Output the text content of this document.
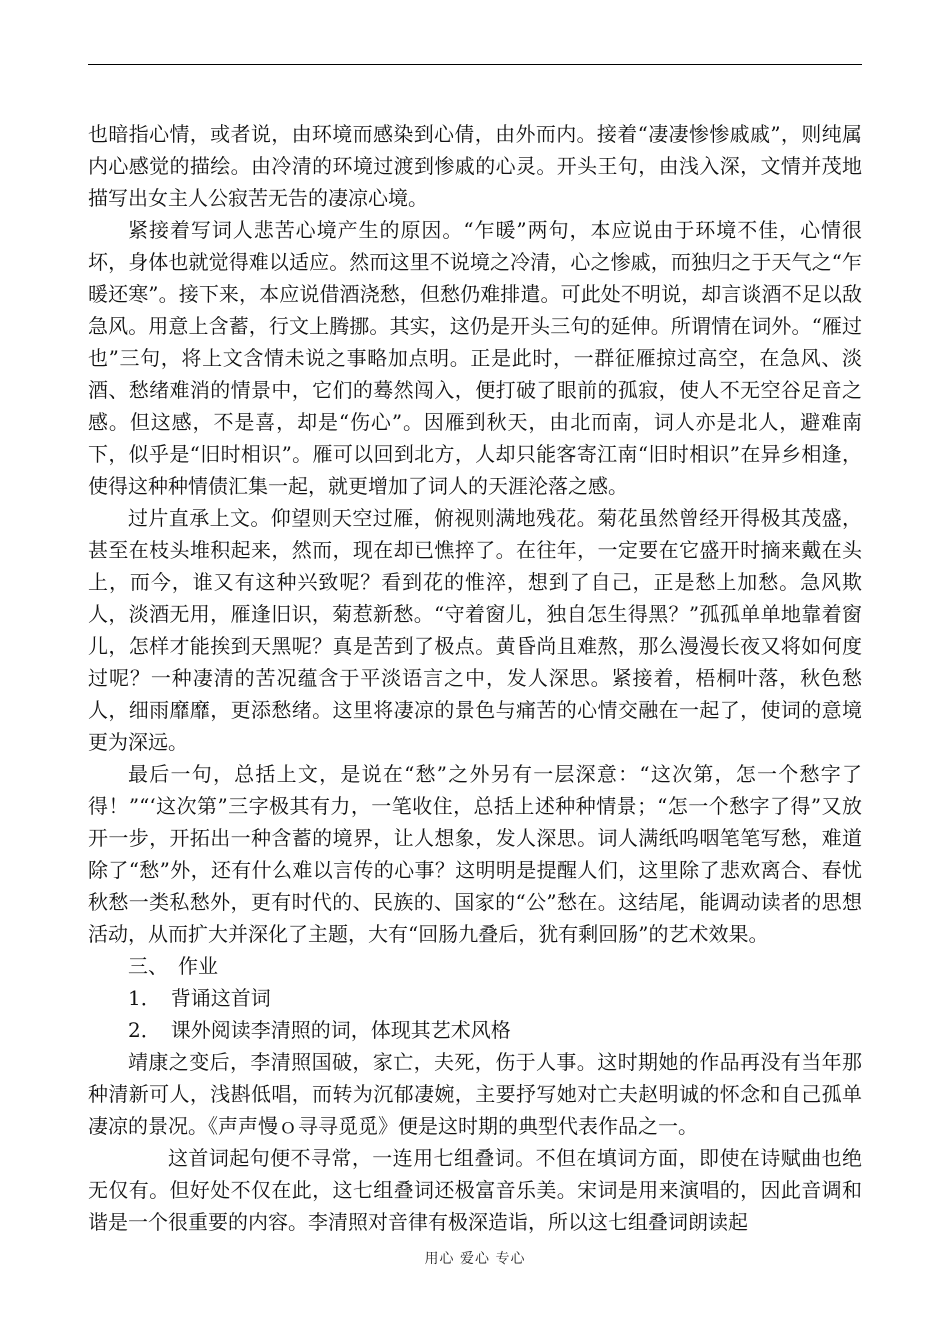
也暗指心情，或者说，由环境而感染到心倩，由外而内。接着“凄凄惨惨戚戚”，则纯属内心感觉的描绘。由冷清的环境过渡到惨戚的心灵。开头王句，由浅入深，文情并茂地描写出女主人公寂苦无告的凄凉心境。

紧接着写词人悲苦心境产生的原因。“乍暖”两句，本应说由于环境不佳，心情很坏，身体也就觉得难以适应。然而这里不说境之冷清，心之惨戚，而独归之于天气之“乍暖还寒”。接下来，本应说借酒浇愁，但愁仍难排遣。可此处不明说，却言谈酒不足以敌急风。用意上含蓄，行文上腾挪。其实，这仍是开头三句的延伸。所谓情在词外。“雁过也”三句，将上文含情未说之事略加点明。正是此时，一群征雁掠过高空，在急风、淡酒、愁绪难消的情景中，它们的蓦然闯入，便打破了眼前的孤寂，使人不无空谷足音之感。但这感，不是喜，却是“伤心”。因雁到秋天，由北而南，词人亦是北人，避难南下，似乎是“旧时相识”。雁可以回到北方，人却只能客寄江南“旧时相识”在异乡相逢，使得这种种情债汇集一起，就更增加了词人的天涯沦落之感。

过片直承上文。仰望则天空过雁，俯视则满地残花。菊花虽然曾经开得极其茂盛，甚至在枝头堆积起来，然而，现在却已憔捽了。在往年，一定要在它盛开时摘来戴在头上，而今，谁又有这种兴致呢？看到花的惟淬，想到了自己，正是愁上加愁。急风欺人，淡酒无用，雁逢旧识，菊惹新愁。“守着窗儿，独自怎生得黑？”孤孤单单地靠着窗儿，怎样才能挨到天黑呢？真是苦到了极点。黄昏尚且难熬，那么漫漫长夜又将如何度过呢？一种凄清的苦况蕴含于平淡语言之中，发人深思。紧接着，梧桐叶落，秋色愁人，细雨靡靡，更添愁绪。这里将凄凉的景色与痛苦的心情交融在一起了，使词的意境更为深远。

最后一句，总括上文，是说在“愁”之外另有一层深意：“这次第，怎一个愁字了得！”“‘这次第”三字极其有力，一笔收住，总括上述种种情景；“怎一个愁字了得”又放开一步，开拓出一种含蓄的境界，让人想象，发人深思。词人满纸呜咽笔笔写愁，难道除了“愁”外，还有什么难以言传的心事？这明明是提醒人们，这里除了悲欢离合、春忧秋愁一类私愁外，更有时代的、民族的、国家的“公”愁在。这结尾，能调动读者的思想活动，从而扩大并深化了主题，大有“回肠九叠后，犹有剩回肠”的艺术效果。

三、　作业

1．　背诵这首词

2．　课外阅读李清照的词，体现其艺术风格

靖康之变后，李清照国破，家亡，夫死，伤于人事。这时期她的作品再没有当年那种清新可人，浅斟低唱，而转为沉郁凄婉，主要抒写她对亡夫赵明诚的怀念和自己孤单凄凉的景况。《声声慢ｏ寻寻觅觅》便是这时期的典型代表作品之一。

这首词起句便不寻常，一连用七组叠词。不但在填词方面，即使在诗赋曲也绝无仅有。但好处不仅在此，这七组叠词还极富音乐美。宋词是用来演唱的，因此音调和谐是一个很重要的内容。李清照对音律有极深造诣，所以这七组叠词朗读起

用心 爱心 专心
